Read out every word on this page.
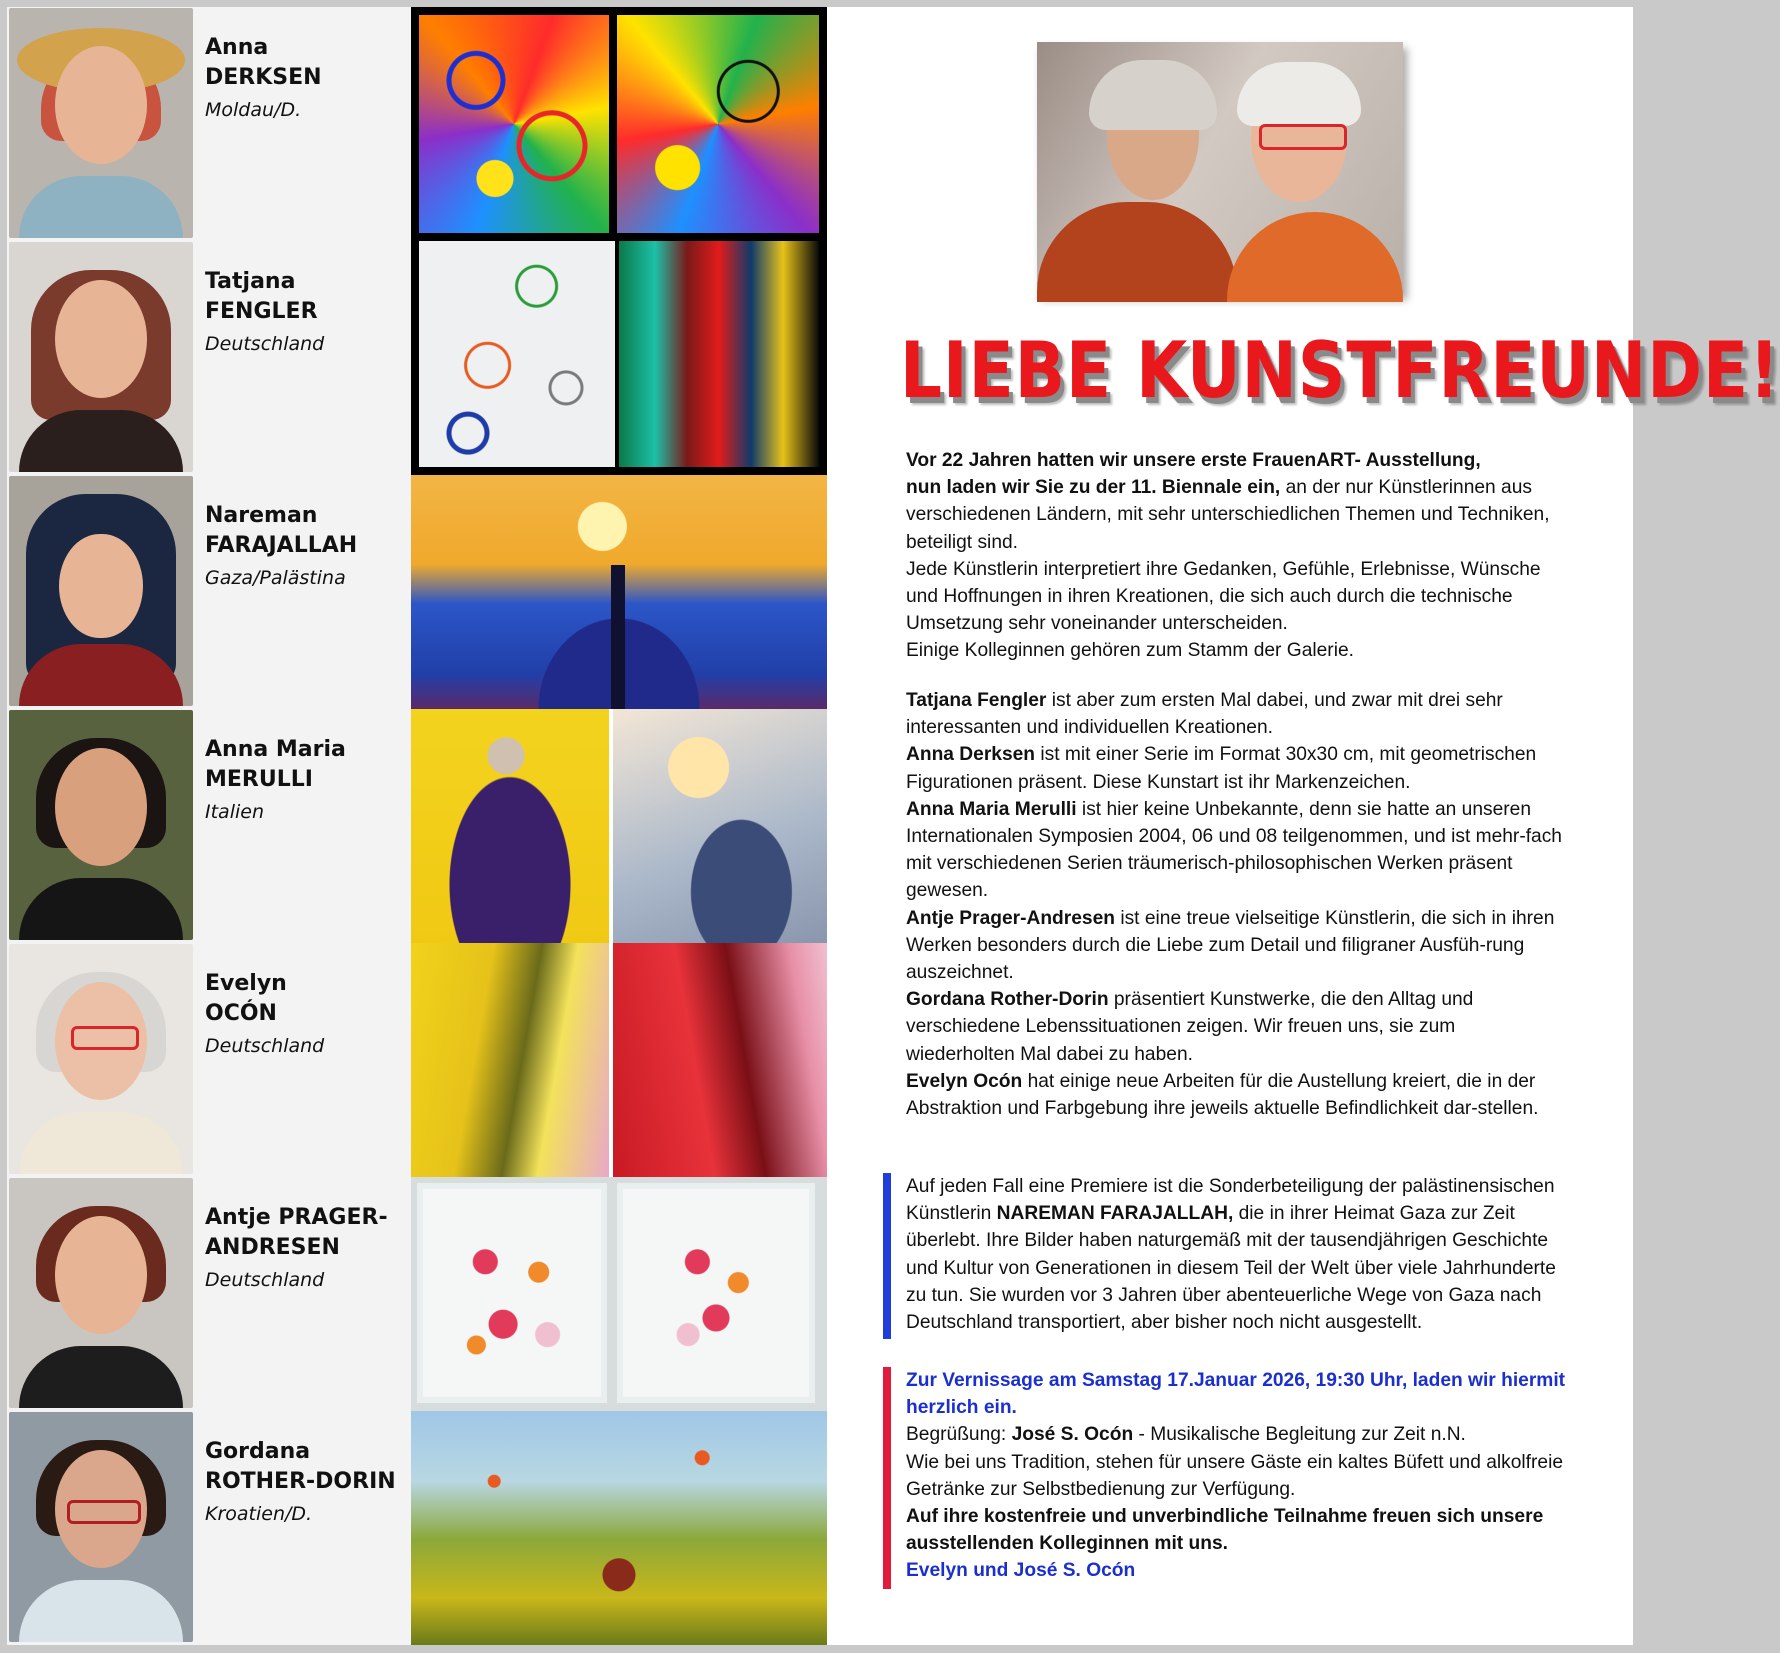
Anna
DERKSEN
Moldau/D.
Tatjana
FENGLER
Deutschland
Nareman
FARAJALLAH
Gaza/Palästina
Anna Maria
MERULLI
Italien
Evelyn
OCÓN
Deutschland
Antje PRAGER-
ANDRESEN
Deutschland
Gordana
ROTHER-DORIN
Kroatien/D.
LIEBE KUNSTFREUNDE!

Vor 22 Jahren hatten wir unsere erste FrauenART- Ausstellung,
nun laden wir Sie zu der 11. Biennale ein, an der nur Künstlerinnen aus verschiedenen Ländern, mit sehr unterschiedlichen Themen und Techniken, beteiligt sind.

Jede Künstlerin interpretiert ihre Gedanken, Gefühle, Erlebnisse, Wünsche und Hoffnungen in ihren Kreationen, die sich auch durch die technische Umsetzung sehr voneinander unterscheiden.

Einige Kolleginnen gehören zum Stamm der Galerie.

Tatjana Fengler ist aber zum ersten Mal dabei, und zwar mit drei sehr interessanten und individuellen Kreationen.

Anna Derksen ist mit einer Serie im Format 30x30 cm, mit geometrischen Figurationen präsent. Diese Kunstart ist ihr Markenzeichen.

Anna Maria Merulli ist hier keine Unbekannte, denn sie hatte an unseren Internationalen Symposien 2004, 06 und 08 teilgenommen, und ist mehr-fach mit verschiedenen Serien träumerisch-philosophischen Werken präsent gewesen.

Antje Prager-Andresen ist eine treue vielseitige Künstlerin, die sich in ihren Werken besonders durch die Liebe zum Detail und filigraner Ausfüh-rung auszeichnet.

Gordana Rother-Dorin präsentiert Kunstwerke, die den Alltag und verschiedene Lebenssituationen zeigen. Wir freuen uns, sie zum wiederholten Mal dabei zu haben.

Evelyn Ocón hat einige neue Arbeiten für die Austellung kreiert, die in der Abstraktion und Farbgebung ihre jeweils aktuelle Befindlichkeit dar-stellen.

Auf jeden Fall eine Premiere ist die Sonderbeteiligung der palästinensischen Künstlerin NAREMAN FARAJALLAH, die in ihrer Heimat Gaza zur Zeit überlebt. Ihre Bilder haben naturgemäß mit der tausendjährigen Geschichte und Kultur von Generationen in diesem Teil der Welt über viele Jahrhunderte zu tun. Sie wurden vor 3 Jahren über abenteuerliche Wege von Gaza nach Deutschland transportiert, aber bisher noch nicht ausgestellt.

Zur Vernissage am Samstag 17.Januar 2026, 19:30 Uhr, laden wir hiermit herzlich ein.

Begrüßung: José S. Ocón - Musikalische Begleitung zur Zeit n.N.

Wie bei uns Tradition, stehen für unsere Gäste ein kaltes Büfett und alkolfreie Getränke zur Selbstbedienung zur Verfügung.

Auf ihre kostenfreie und unverbindliche Teilnahme freuen sich unsere ausstellenden Kolleginnen mit uns.

Evelyn und José S. Ocón
